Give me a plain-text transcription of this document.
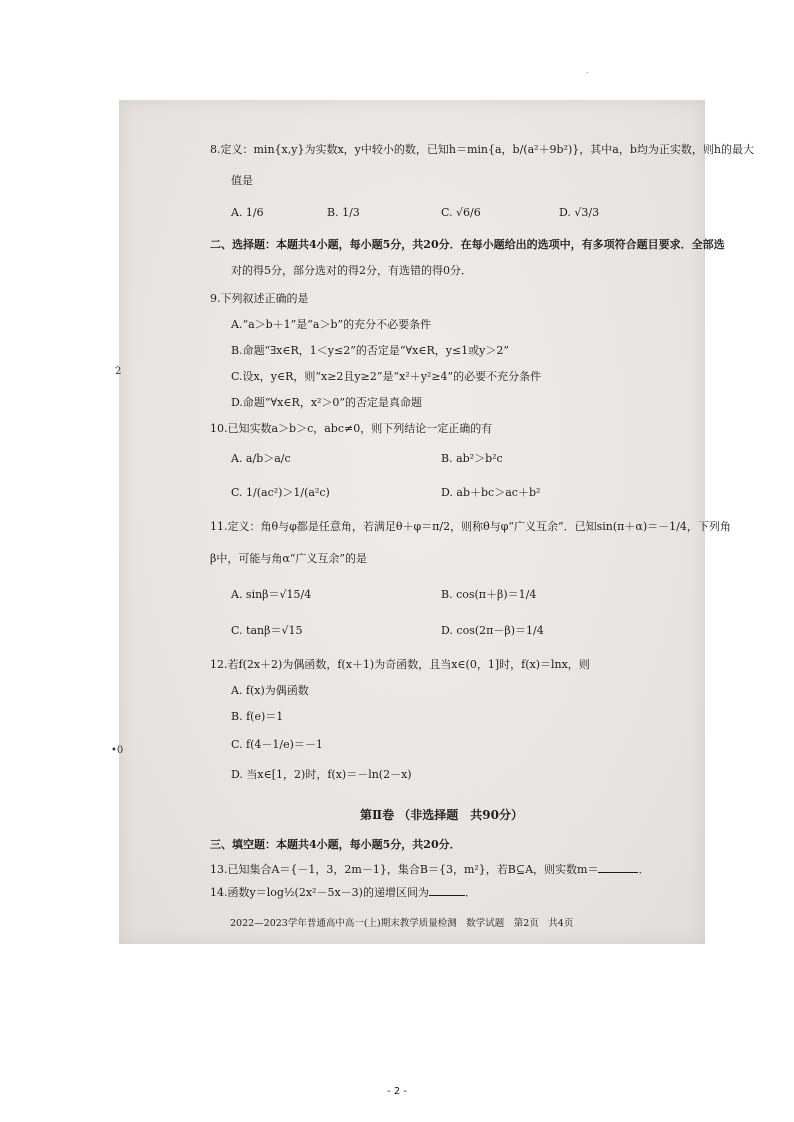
.
2
•0
8.定义：min{x,y}为实数x，y中较小的数，已知h＝min{a，b/(a²＋9b²)}，其中a，b均为正实数，则h的最大
值是
A. 1/6	B. 1/3	C. √6/6	D. √3/3
二、选择题：本题共4小题，每小题5分，共20分．在每小题给出的选项中，有多项符合题目要求．全部选
对的得5分，部分选对的得2分，有选错的得0分．
9.下列叙述正确的是
A.“a＞b＋1”是“a＞b”的充分不必要条件
B.命题“∃x∈R，1＜y≤2”的否定是“∀x∈R，y≤1或y＞2”
C.设x，y∈R，则“x≥2且y≥2”是“x²＋y²≥4”的必要不充分条件
D.命题“∀x∈R，x²＞0”的否定是真命题
10.已知实数a＞b＞c，abc≠0，则下列结论一定正确的有
A. a/b＞a/c	B. ab²＞b²c
C. 1/(ac²)＞1/(a²c)	D. ab＋bc＞ac＋b²
11.定义：角θ与φ都是任意角，若满足θ＋φ＝π/2，则称θ与φ“广义互余”．已知sin(π＋α)＝－1/4，下列角
β中，可能与角α“广义互余”的是
A. sinβ＝√15/4	B. cos(π＋β)＝1/4
C. tanβ＝√15	D. cos(2π－β)＝1/4
12.若f(2x＋2)为偶函数，f(x＋1)为奇函数，且当x∈(0，1]时，f(x)＝lnx，则
A. f(x)为偶函数
B. f(e)＝1
C. f(4－1/e)＝－1
D. 当x∈[1，2)时，f(x)＝－ln(2－x)
第Ⅱ卷 （非选择题　共90分）
三、填空题：本题共4小题，每小题5分，共20分．
13.已知集合A＝{－1，3，2m－1}，集合B＝{3，m²}，若B⊆A，则实数m＝	．
14.函数y＝log½(2x²－5x－3)的递增区间为	．
2022—2023学年普通高中高一(上)期末教学质量检测　数学试题　第2页　共4页
- 2 -
